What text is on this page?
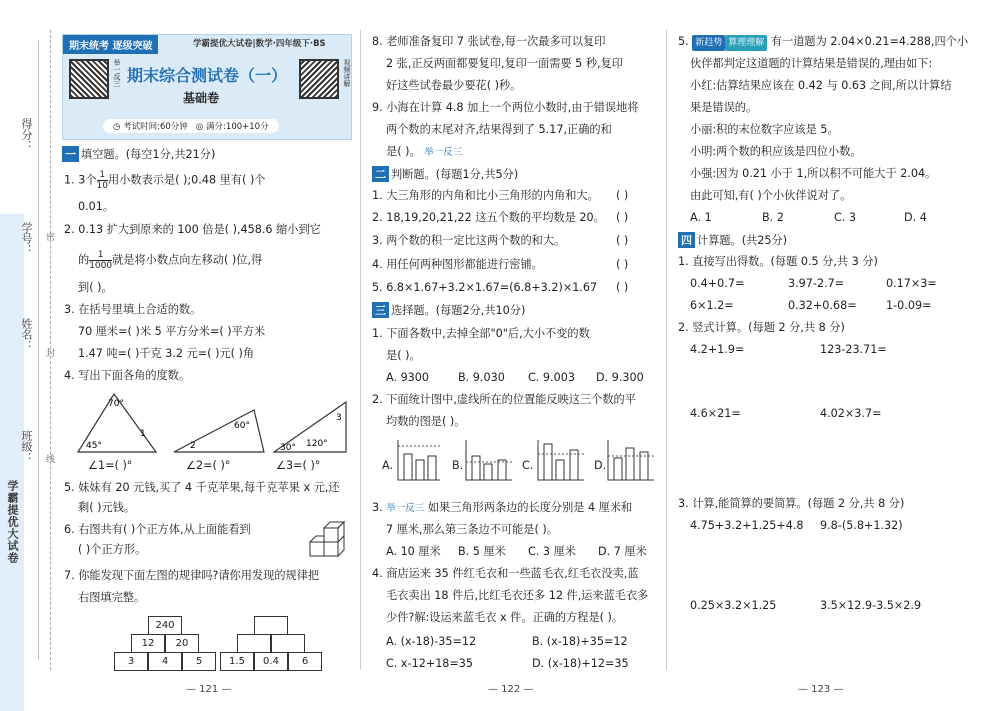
学霸提优大试卷
得分：
学号：
姓名：
班级：
密
封
线
期末统考 逐级突破	学霸提优大试卷|数学·四年级下·BS
举一反三 期末综合测试卷（一）
基础卷
视频讲解
◷ 考试时间:60分钟 ◎ 满分:100+10分
一 填空题。(每空1分,共21分)
1. 3个 $\frac{1}{10}$ 用小数表示是( );0.48 里有( )个
0.01。
2. 0.13 扩大到原来的 100 倍是( ),458.6 缩小到它
的 $\frac{1}{1000}$ 就是将小数点向左移动( )位,得
到( )。
3. 在括号里填上合适的数。
70 厘米=( )米 5 平方分米=( )平方米
1.47 吨=( )千克 3.2 元=( )元( )角
4. 写出下面各角的度数。
70°
1
45°
60°
2	30° 120°
3
∠1=( )°	∠2=( )°	∠3=( )°
5. 妹妹有 20 元钱,买了 4 千克苹果,每千克苹果 x 元,还
剩( )元钱。
6. 右图共有( )个正方体,从上面能看到
( )个正方形。
7. 你能发现下面左图的规律吗?请你用发现的规律把
右图填完整。
240
12	20
3	4	5	1.5	0.4	6
— 121 —
8. 老师准备复印 7 张试卷,每一次最多可以复印
2 张,正反两面都要复印,复印一面需要 5 秒,复印
好这些试卷最少要花( )秒。
9. 小海在计算 4.8 加上一个两位小数时,由于错误地将
两个数的末尾对齐,结果得到了 5.17,正确的和
是( )。 举一反三
二 判断题。(每题1分,共5分)
1. 大三角形的内角和比小三角形的内角和大。 ( )
2. 18,19,20,21,22 这五个数的平均数是 20。 ( )
3. 两个数的积一定比这两个数的和大。	( )
4. 用任何两种图形都能进行密铺。	( )
5. 6.8×1.67+3.2×1.67=(6.8+3.2)×1.67 ( )
三 选择题。(每题2分,共10分)
1. 下面各数中,去掉全部"0"后,大小不变的数
是( )。
A. 9300	B. 9.030 C. 9.003 D. 9.300
2. 下面统计图中,虚线所在的位置能反映这三个数的平
均数的图是( )。
A.	B.	C.	D.
3. 举一反三 如果三角形两条边的长度分别是 4 厘米和
7 厘米,那么第三条边不可能是( )。
A. 10 厘米 B. 5 厘米 C. 3 厘米 D. 7 厘米
4. 商店运来 35 件红毛衣和一些蓝毛衣,红毛衣没卖,蓝
毛衣卖出 18 件后,比红毛衣还多 12 件,运来蓝毛衣多
少件?解:设运来蓝毛衣 x 件。正确的方程是( )。
A. (x-18)-35=12	B. (x-18)+35=12
C. x-12+18=35	D. (x-18)+12=35
— 122 —
5. 新趋势 算理理解 有一道题为 2.04×0.21=4.288,四个小
伙伴都判定这道题的计算结果是错误的,理由如下:
小红:估算结果应该在 0.42 与 0.63 之间,所以计算结
果是错误的。
小丽:积的末位数字应该是 5。
小明:两个数的积应该是四位小数。
小强:因为 0.21 小于 1,所以积不可能大于 2.04。
由此可知,有( )个小伙伴说对了。
A. 1	B. 2	C. 3	D. 4
四 计算题。(共25分)
1. 直接写出得数。(每题 0.5 分,共 3 分)
0.4+0.7=	3.97-2.7=	0.17×3=
6×1.2=	0.32+0.68=	1-0.09=
2. 竖式计算。(每题 2 分,共 8 分)
4.2+1.9=	123-23.71=
4.6×21=	4.02×3.7=
3. 计算,能简算的要简算。(每题 2 分,共 8 分)
4.75+3.2+1.25+4.8 9.8-(5.8+1.32)
0.25×3.2×1.25	3.5×12.9-3.5×2.9
— 123 —
